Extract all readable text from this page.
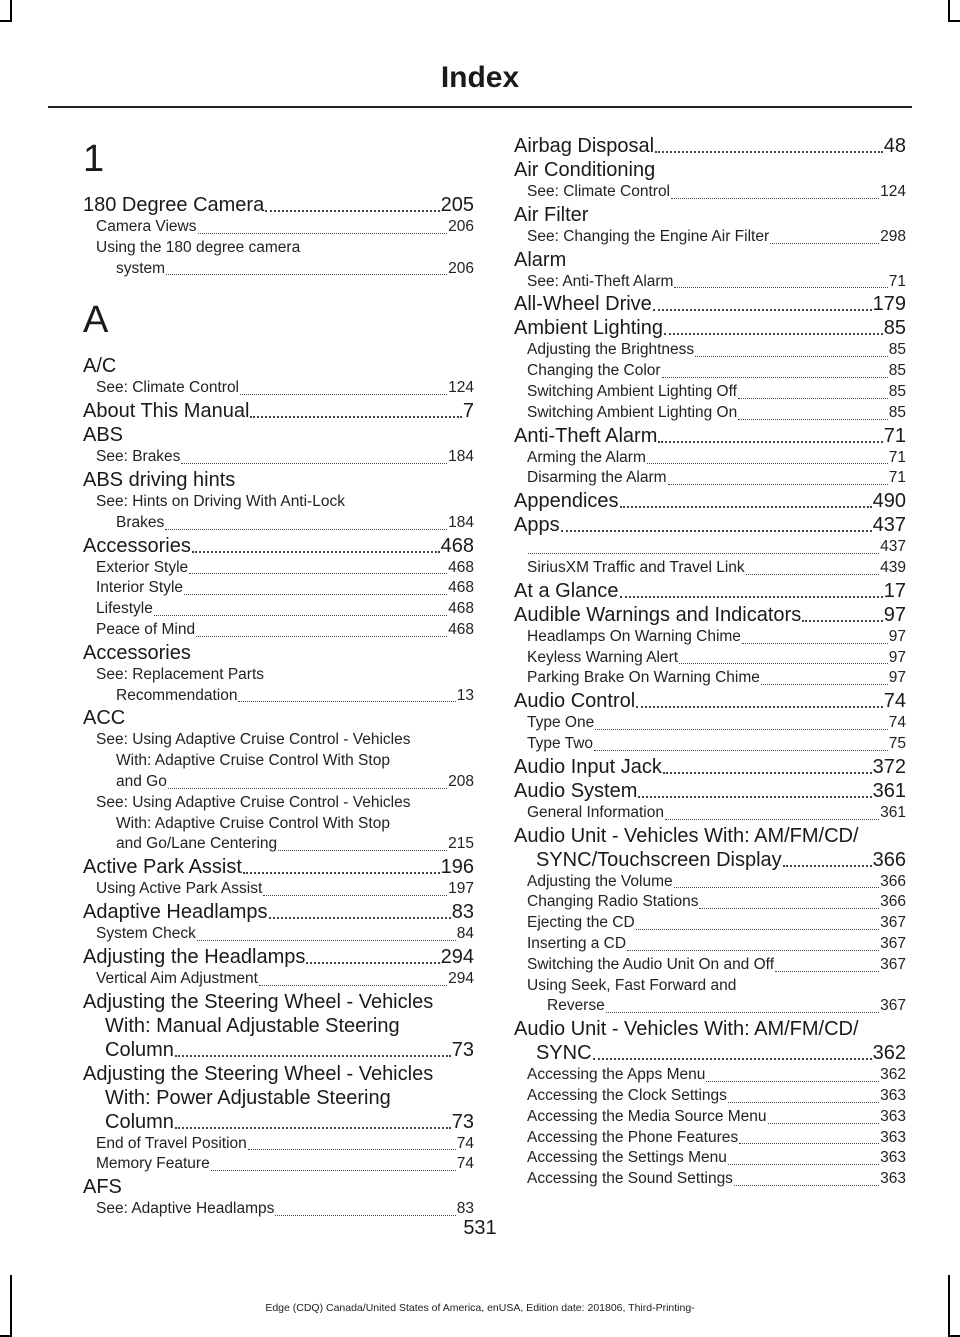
Index
1
180 Degree Camera	205
Camera Views	206
Using the 180 degree camera
system	206
A
A/C
See: Climate Control	124
About This Manual	7
ABS
See: Brakes	184
ABS driving hints
See: Hints on Driving With Anti-Lock
Brakes	184
Accessories	468
Exterior Style	468
Interior Style	468
Lifestyle	468
Peace of Mind	468
Accessories
See: Replacement Parts
Recommendation	13
ACC
See: Using Adaptive Cruise Control - Vehicles
With: Adaptive Cruise Control With Stop
and Go	208
See: Using Adaptive Cruise Control - Vehicles
With: Adaptive Cruise Control With Stop
and Go/Lane Centering	215
Active Park Assist	196
Using Active Park Assist	197
Adaptive Headlamps	83
System Check	84
Adjusting the Headlamps	294
Vertical Aim Adjustment	294
Adjusting the Steering Wheel - Vehicles
With: Manual Adjustable Steering
Column	73
Adjusting the Steering Wheel - Vehicles
With: Power Adjustable Steering
Column	73
End of Travel Position	74
Memory Feature	74
AFS
See: Adaptive Headlamps	83
Airbag Disposal	48
Air Conditioning
See: Climate Control	124
Air Filter
See: Changing the Engine Air Filter	298
Alarm
See: Anti-Theft Alarm	71
All-Wheel Drive	179
Ambient Lighting	85
Adjusting the Brightness	85
Changing the Color	85
Switching Ambient Lighting Off	85
Switching Ambient Lighting On	85
Anti-Theft Alarm	71
Arming the Alarm	71
Disarming the Alarm	71
Appendices	490
Apps	437
437
SiriusXM Traffic and Travel Link	439
At a Glance	17
Audible Warnings and Indicators	97
Headlamps On Warning Chime	97
Keyless Warning Alert	97
Parking Brake On Warning Chime	97
Audio Control	74
Type One	74
Type Two	75
Audio Input Jack	372
Audio System	361
General Information	361
Audio Unit - Vehicles With: AM/FM/CD/
SYNC/Touchscreen Display	366
Adjusting the Volume	366
Changing Radio Stations	366
Ejecting the CD	367
Inserting a CD	367
Switching the Audio Unit On and Off	367
Using Seek, Fast Forward and
Reverse	367
Audio Unit - Vehicles With: AM/FM/CD/
SYNC	362
Accessing the Apps Menu	362
Accessing the Clock Settings	363
Accessing the Media Source Menu	363
Accessing the Phone Features	363
Accessing the Settings Menu	363
Accessing the Sound Settings	363
531
Edge (CDQ) Canada/United States of America, enUSA, Edition date: 201806, Third-Printing-
